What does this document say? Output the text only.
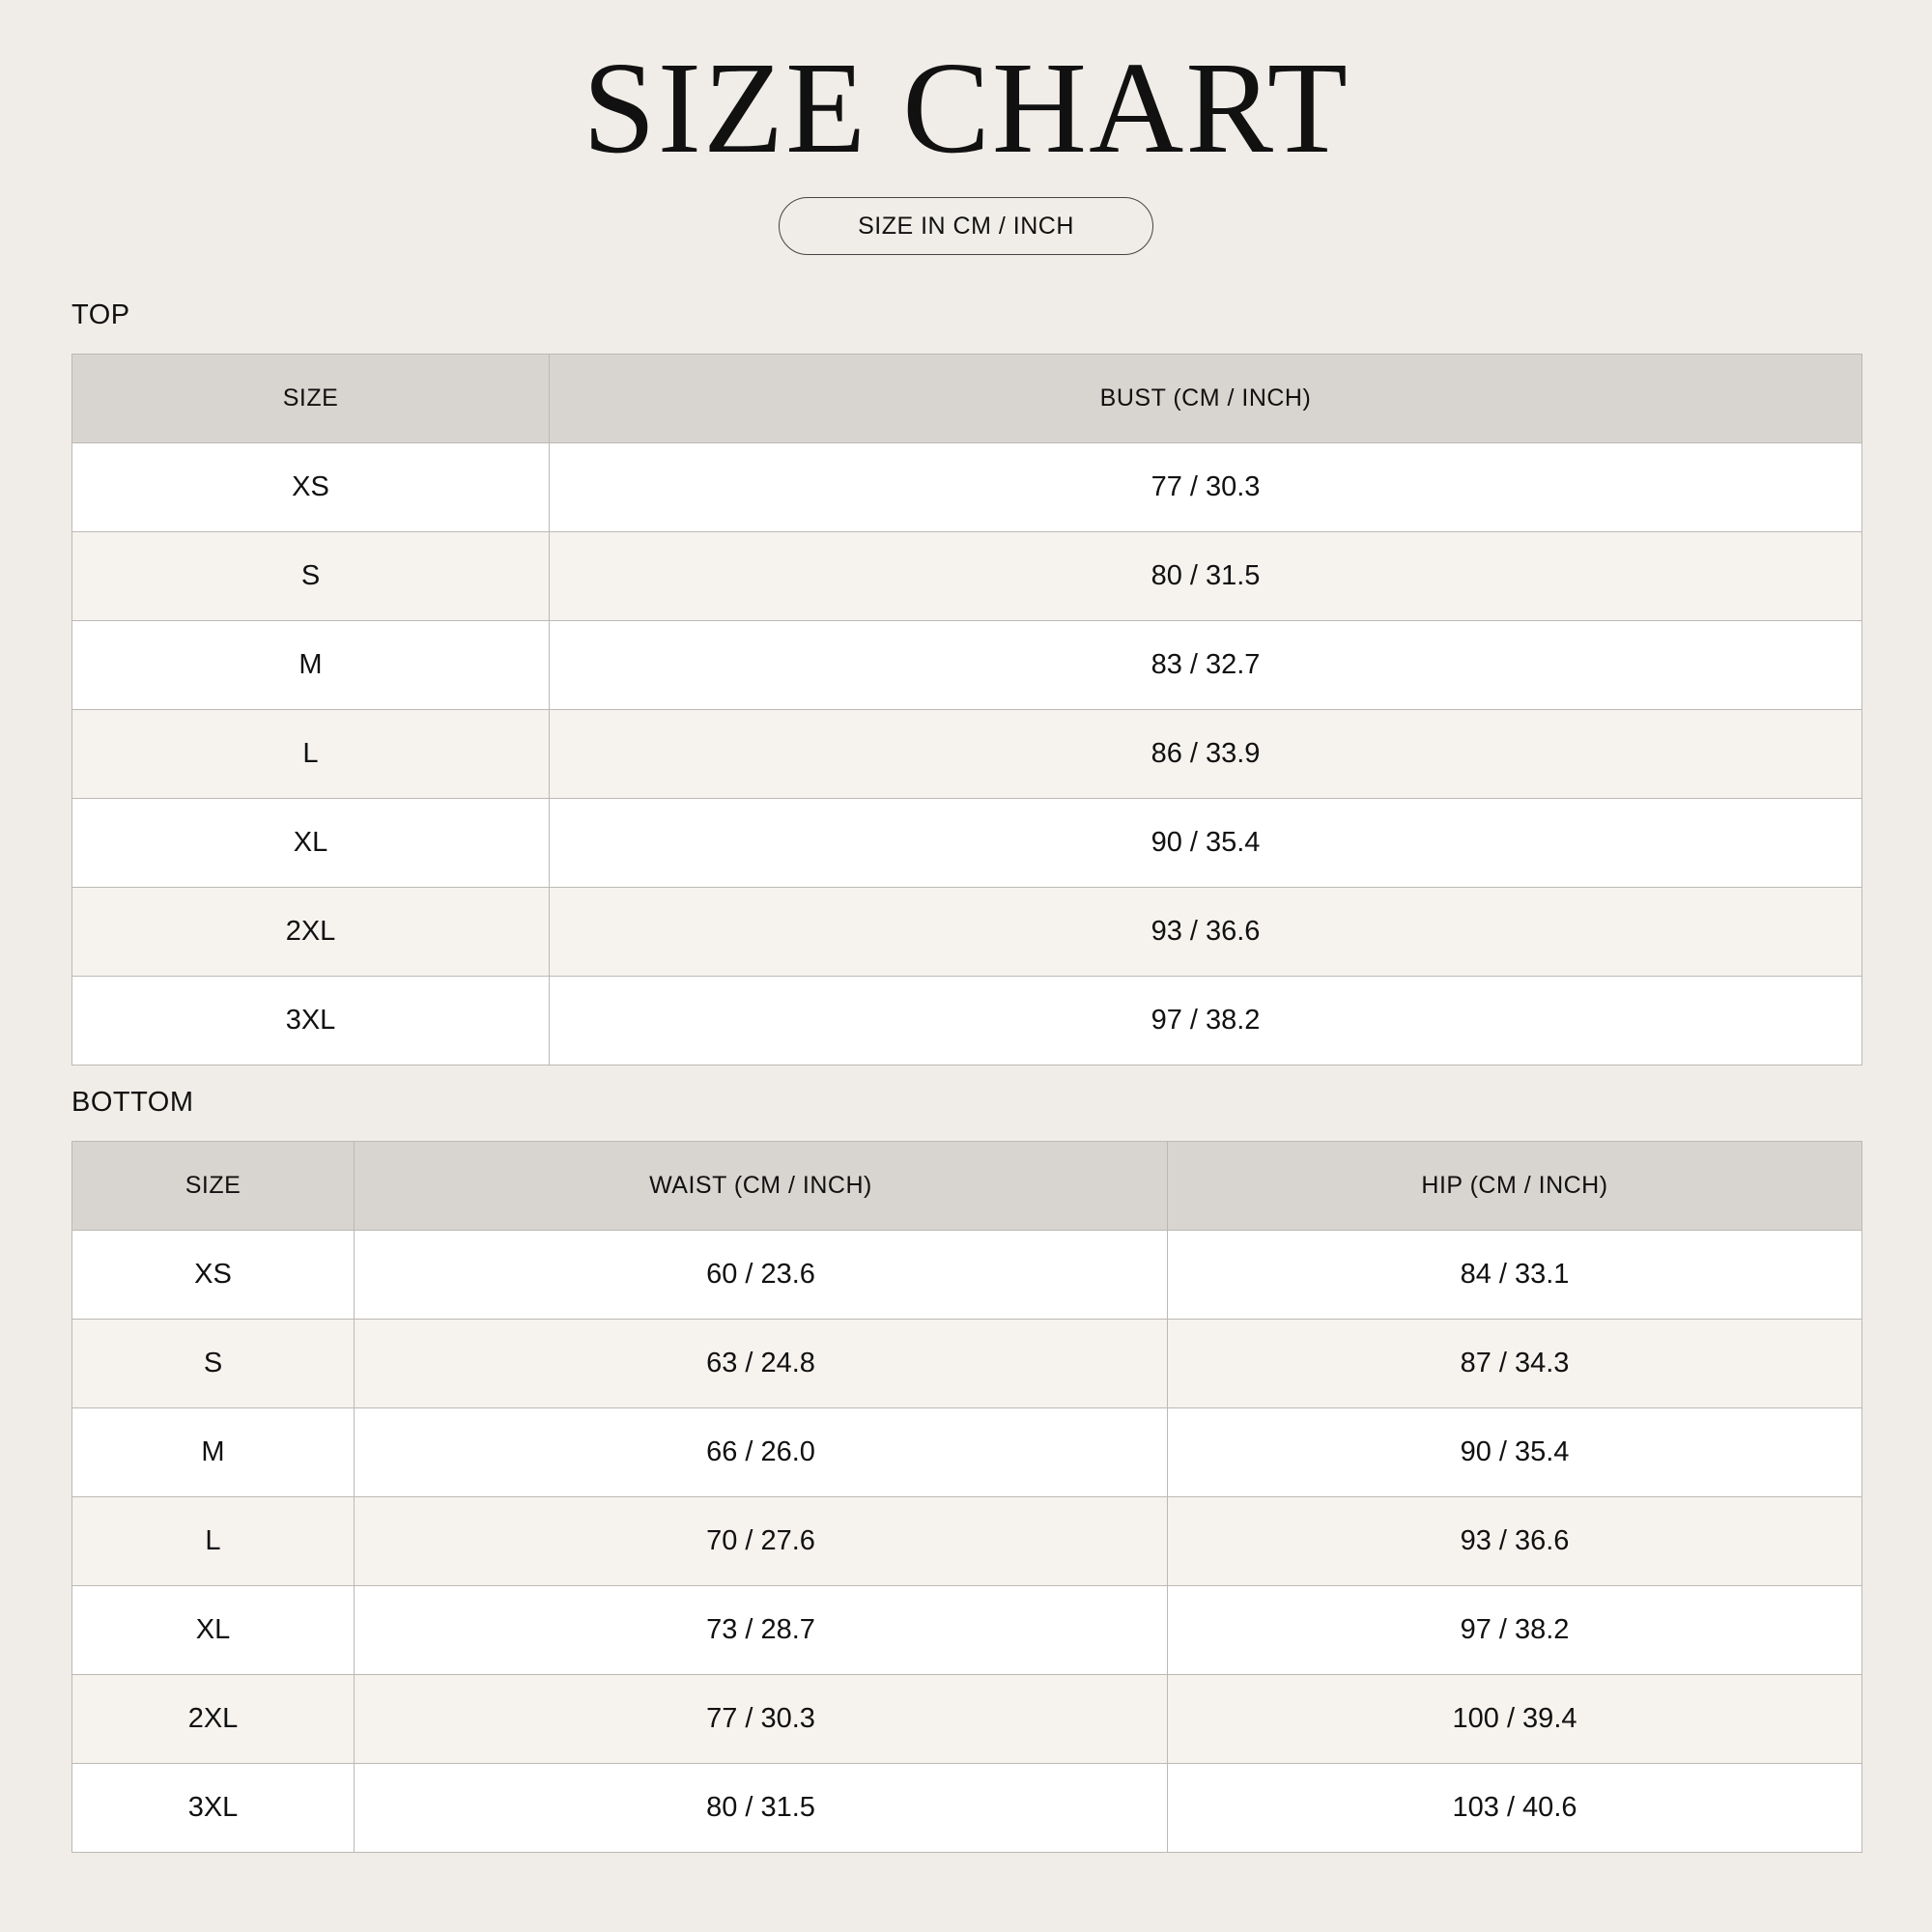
SIZE CHART
SIZE IN CM / INCH
TOP
SIZE	BUST (CM / INCH)
XS	77 / 30.3
S	80 / 31.5
M	83 / 32.7
L	86 / 33.9
XL	90 / 35.4
2XL	93 / 36.6
3XL	97 / 38.2
BOTTOM
SIZE	WAIST (CM / INCH)	HIP (CM / INCH)
XS	60 / 23.6	84 / 33.1
S	63 / 24.8	87 / 34.3
M	66 / 26.0	90 / 35.4
L	70 / 27.6	93 / 36.6
XL	73 / 28.7	97 / 38.2
2XL	77 / 30.3	100 / 39.4
3XL	80 / 31.5	103 / 40.6
